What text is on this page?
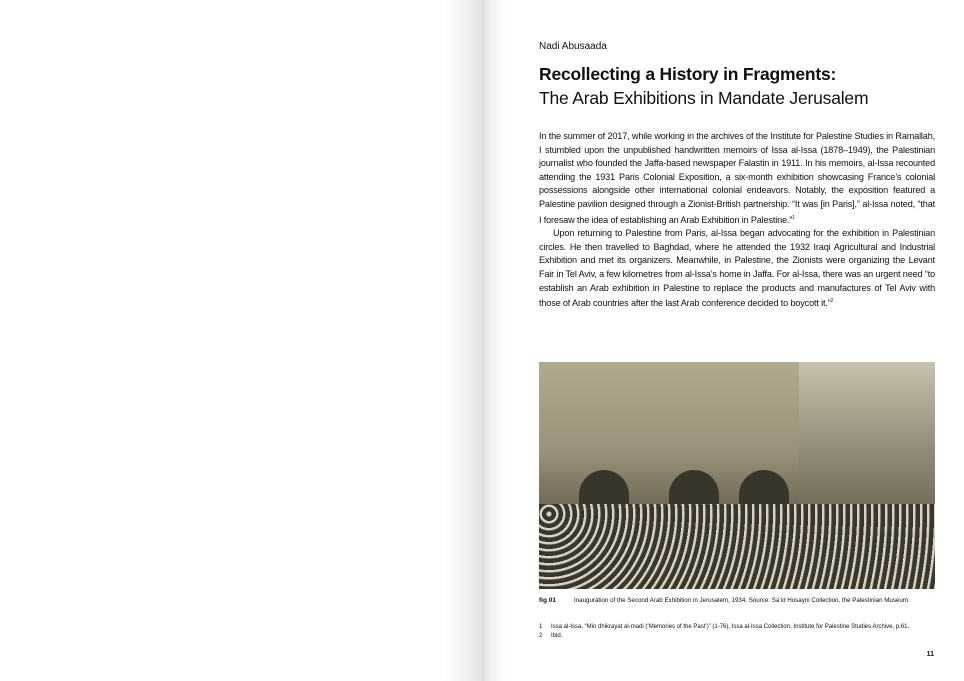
Nadi Abusaada
Recollecting a History in Fragments:
The Arab Exhibitions in Mandate Jerusalem

In the summer of 2017, while working in the archives of the Institute for Palestine Studies in Ramallah, I stumbled upon the unpublished handwritten memoirs of Issa al-Issa (1878–1949), the Palestinian journalist who founded the Jaffa-based newspaper Falastin in 1911. In his memoirs, al-Issa recounted attending the 1931 Paris Colonial Exposition, a six-month exhibition showcasing France’s colonial possessions alongside other international colonial endeavors. Notably, the exposition featured a Palestine pavilion designed through a Zionist-British partnership. “It was [in Paris],” al-Issa noted, “that I foresaw the idea of establishing an Arab Exhibition in Palestine.”$^1$

Upon returning to Palestine from Paris, al-Issa began advocating for the exhibition in Palestinian circles. He then travelled to Baghdad, where he attended the 1932 Iraqi Agricultural and Industrial Exhibition and met its organizers. Meanwhile, in Palestine, the Zionists were organizing the Levant Fair in Tel Aviv, a few kilometres from al-Issa’s home in Jaffa. For al-Issa, there was an urgent need “to establish an Arab exhibition in Palestine to replace the products and manufactures of Tel Aviv with those of Arab countries after the last Arab conference decided to boycott it.”$^2$

fig 01	Inauguration of the Second Arab Exhibition in Jerusalem, 1934. Source: Sa’id Husayni Collection, the Palestinian Museum.
1	Issa al-Issa, “Min dhikrayat al-madi (‘Memories of the Past’)” (1-76), Issa al-Issa Collection, Institute for Palestine Studies Archive, p.61.
2	Ibid.
11
